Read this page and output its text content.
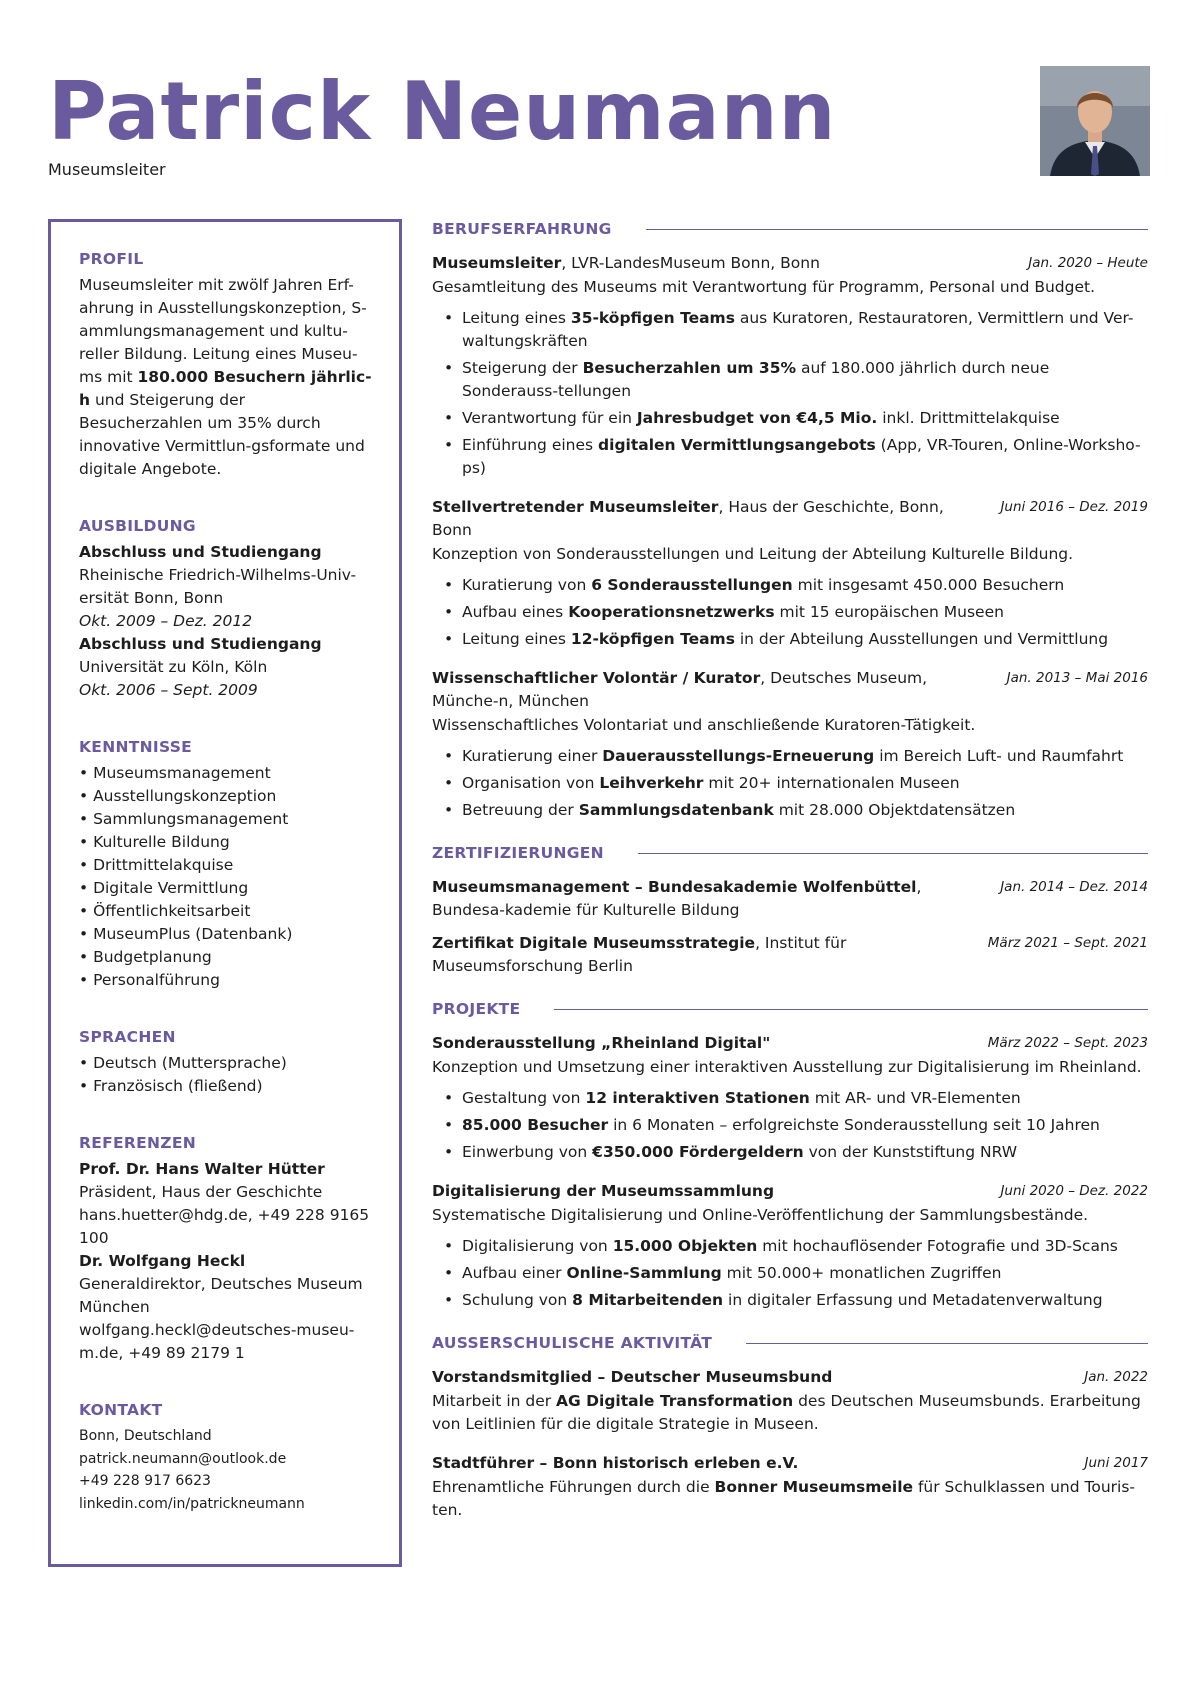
Patrick Neumann
Museumsleiter
PROFIL

Museumsleiter mit zwölf Jahren Erf-ahrung in Ausstellungskonzeption, S-ammlungsmanagement und kultu-reller Bildung. Leitung eines Museu-ms mit 180.000 Besuchern jährlic-h und Steigerung der Besucherzahlen um 35% durch innovative Vermittlun-gsformate und digitale Angebote.

AUSBILDUNG
Abschluss und Studiengang
Rheinische Friedrich-Wilhelms-Univ-ersität Bonn, Bonn
Okt. 2009 – Dez. 2012
Abschluss und Studiengang
Universität zu Köln, Köln
Okt. 2006 – Sept. 2009
KENNTNISSE
• Museumsmanagement
• Ausstellungskonzeption
• Sammlungsmanagement
• Kulturelle Bildung
• Drittmittelakquise
• Digitale Vermittlung
• Öffentlichkeitsarbeit
• MuseumPlus (Datenbank)
• Budgetplanung
• Personalführung
SPRACHEN
• Deutsch (Muttersprache)
• Französisch (fließend)
REFERENZEN
Prof. Dr. Hans Walter Hütter
Präsident, Haus der Geschichte
hans.huetter@hdg.de, +49 228 9165 100
Dr. Wolfgang Heckl
Generaldirektor, Deutsches Museum München
wolfgang.heckl@deutsches-museu-m.de, +49 89 2179 1
KONTAKT
Bonn, Deutschland
patrick.neumann@outlook.de
+49 228 917 6623
linkedin.com/in/patrickneumann
BERUFSERFAHRUNG
Museumsleiter, LVR-LandesMuseum Bonn, Bonn	Jan. 2020 – Heute
Gesamtleitung des Museums mit Verantwortung für Programm, Personal und Budget.
• Leitung eines 35-köpfigen Teams aus Kuratoren, Restauratoren, Vermittlern und Ver-waltungskräften
• Steigerung der Besucherzahlen um 35% auf 180.000 jährlich durch neue Sonderauss-tellungen
• Verantwortung für ein Jahresbudget von €4,5 Mio. inkl. Drittmittelakquise
• Einführung eines digitalen Vermittlungsangebots (App, VR-Touren, Online-Worksho-ps)
Stellvertretender Museumsleiter, Haus der Geschichte, Bonn, Bonn
Juni 2016 – Dez. 2019
Konzeption von Sonderausstellungen und Leitung der Abteilung Kulturelle Bildung.
• Kuratierung von 6 Sonderausstellungen mit insgesamt 450.000 Besuchern
• Aufbau eines Kooperationsnetzwerks mit 15 europäischen Museen
• Leitung eines 12-köpfigen Teams in der Abteilung Ausstellungen und Vermittlung
Wissenschaftlicher Volontär / Kurator, Deutsches Museum, Münche-n, München
Jan. 2013 – Mai 2016
Wissenschaftliches Volontariat und anschließende Kuratoren-Tätigkeit.
• Kuratierung einer Dauerausstellungs-Erneuerung im Bereich Luft- und Raumfahrt
• Organisation von Leihverkehr mit 20+ internationalen Museen
• Betreuung der Sammlungsdatenbank mit 28.000 Objektdatensätzen
ZERTIFIZIERUNGEN
Museumsmanagement – Bundesakademie Wolfenbüttel, Bundesa-kademie für Kulturelle Bildung
Jan. 2014 – Dez. 2014
Zertifikat Digitale Museumsstrategie, Institut für Museumsforschung Berlin
März 2021 – Sept. 2021
PROJEKTE
Sonderausstellung „Rheinland Digital"	März 2022 – Sept. 2023
Konzeption und Umsetzung einer interaktiven Ausstellung zur Digitalisierung im Rheinland.
• Gestaltung von 12 interaktiven Stationen mit AR- und VR-Elementen
• 85.000 Besucher in 6 Monaten – erfolgreichste Sonderausstellung seit 10 Jahren
• Einwerbung von €350.000 Fördergeldern von der Kunststiftung NRW
Digitalisierung der Museumssammlung	Juni 2020 – Dez. 2022
Systematische Digitalisierung und Online-Veröffentlichung der Sammlungsbestände.
• Digitalisierung von 15.000 Objekten mit hochauflösender Fotografie und 3D-Scans
• Aufbau einer Online-Sammlung mit 50.000+ monatlichen Zugriffen
• Schulung von 8 Mitarbeitenden in digitaler Erfassung und Metadatenverwaltung
AUSSERSCHULISCHE AKTIVITÄT
Vorstandsmitglied – Deutscher Museumsbund	Jan. 2022
Mitarbeit in der AG Digitale Transformation des Deutschen Museumsbunds. Erarbeitung von Leitlinien für die digitale Strategie in Museen.
Stadtführer – Bonn historisch erleben e.V.	Juni 2017
Ehrenamtliche Führungen durch die Bonner Museumsmeile für Schulklassen und Touris-ten.
